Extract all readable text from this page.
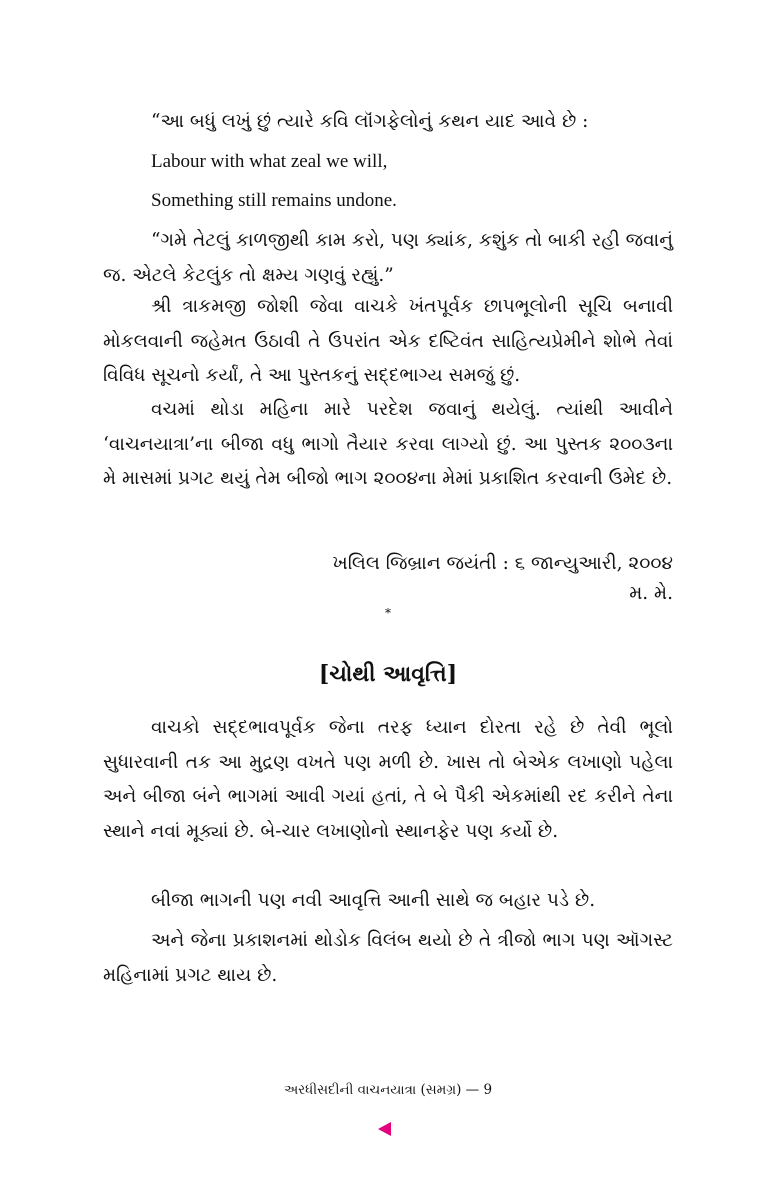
“આ બધું લખું છું ત્યારે કવિ લૉંગફેલોનું કથન યાદ આવે છે :

Labour with what zeal we will,

Something still remains undone.

“ગમે તેટલું કાળજીથી કામ કરો, પણ ક્યાંક, કશુંક તો બાકી રહી જવાનું જ. એટલે કેટલુંક તો ક્ષમ્ય ગણવું રહ્યું.”

શ્રી ત્રાકમજી જોશી જેવા વાચકે ખંતપૂર્વક છાપભૂલોની સૂચિ બનાવી મોકલવાની જહેમત ઉઠાવી તે ઉપરાંત એક દષ્ટિવંત સાહિત્યપ્રેમીને શોભે તેવાં વિવિધ સૂચનો કર્યાં, તે આ પુસ્તકનું સદ્દભાગ્ય સમજું છું.

વચમાં થોડા મહિના મારે પરદેશ જવાનું થયેલું. ત્યાંથી આવીને ‘વાચનયાત્રા’ના બીજા વધુ ભાગો તૈયાર કરવા લાગ્યો છું. આ પુસ્તક ૨૦૦૩ના મે માસમાં પ્રગટ થયું તેમ બીજો ભાગ ૨૦૦૪ના મેમાં પ્રકાશિત કરવાની ઉમેદ છે.

ખલિલ જિબ્રાન જયંતી : ૬ જાન્યુઆરી, ૨૦૦૪

મ. મે.

*
[ચોથી આવૃત્તિ]

વાચકો સદ્દભાવપૂર્વક જેના તરફ ધ્યાન દોરતા રહે છે તેવી ભૂલો સુધારવાની તક આ મુદ્રણ વખતે પણ મળી છે. ખાસ તો બેએક લખાણો પહેલા અને બીજા બંને ભાગમાં આવી ગયાં હતાં, તે બે પૈકી એકમાંથી રદ કરીને તેના સ્થાને નવાં મૂક્યાં છે. બે-ચાર લખાણોનો સ્થાનફેર પણ કર્યો છે.

બીજા ભાગની પણ નવી આવૃત્તિ આની સાથે જ બહાર પડે છે.

અને જેના પ્રકાશનમાં થોડોક વિલંબ થયો છે તે ત્રીજો ભાગ પણ ઑગસ્ટ મહિનામાં પ્રગટ થાય છે.

અરધીસદીની વાચનયાત્રા (સમગ્ર) — 9
